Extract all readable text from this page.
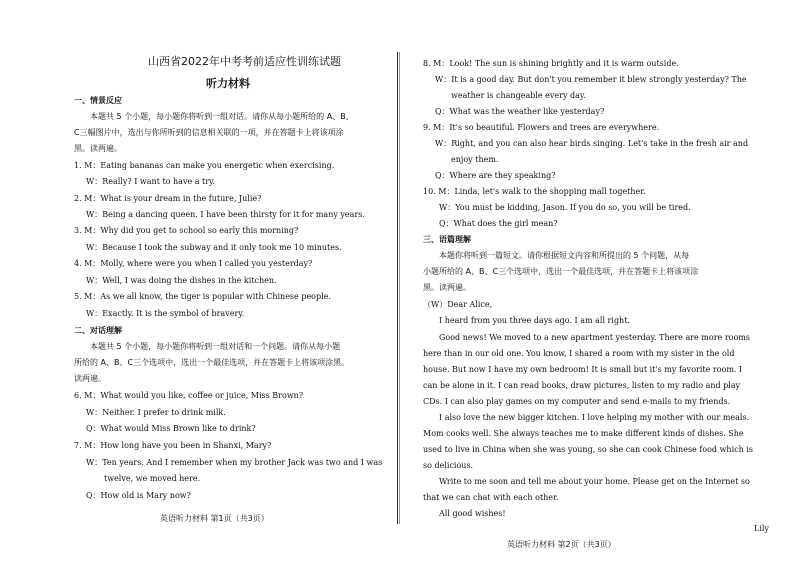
山西省2022年中考考前适应性训练试题
听力材料
一、情景反应
本题共 5 个小题，每小题你将听到一组对话。请你从每小题所给的 A、B、
C三幅图片中，选出与你所听到的信息相关联的一项，并在答题卡上将该项涂
黑。读两遍。
1. M：Eating bananas can make you energetic when exercising.
W：Really? I want to have a try.
2. M：What is your dream in the future, Julie?
W：Being a dancing queen. I have been thirsty for it for many years.
3. M：Why did you get to school so early this morning?
W：Because I took the subway and it only took me 10 minutes.
4. M：Molly, where were you when I called you yesterday?
W：Well, I was doing the dishes in the kitchen.
5. M：As we all know, the tiger is popular with Chinese people.
W：Exactly. It is the symbol of bravery.
二、对话理解
本题共 5 个小题，每小题你将听到一组对话和一个问题。请你从每小题
所给的 A、B、C三个选项中，选出一个最佳选项，并在答题卡上将该项涂黑。
读两遍。
6. M：What would you like, coffee or juice, Miss Brown?
W：Neither. I prefer to drink milk.
Q：What would Miss Brown like to drink?
7. M：How long have you been in Shanxi, Mary?
W：Ten years. And I remember when my brother Jack was two and I was
twelve, we moved here.
Q：How old is Mary now?
英语听力材料 第1页（共3页）
8. M：Look! The sun is shining brightly and it is warm outside.
W：It is a good day. But don't you remember it blew strongly yesterday? The
weather is changeable every day.
Q：What was the weather like yesterday?
9. M：It's so beautiful. Flowers and trees are everywhere.
W：Right, and you can also hear birds singing. Let's take in the fresh air and
enjoy them.
Q：Where are they speaking?
10. M：Linda, let's walk to the shopping mall together.
W：You must be kidding, Jason. If you do so, you will be tired.
Q：What does the girl mean?
三、语篇理解
本题你将听到一篇短文。请你根据短文内容和所提出的 5 个问题，从每
小题所给的 A、B、C三个选项中，选出一个最佳选项，并在答题卡上将该项涂
黑。读两遍。
（W）Dear Alice,
I heard from you three days ago. I am all right.
Good news! We moved to a new apartment yesterday. There are more rooms
here than in our old one. You know, I shared a room with my sister in the old
house. But now I have my own bedroom! It is small but it's my favorite room. I
can be alone in it. I can read books, draw pictures, listen to my radio and play
CDs. I can also play games on my computer and send e-mails to my friends.
I also love the new bigger kitchen. I love helping my mother with our meals.
Mom cooks well. She always teaches me to make different kinds of dishes. She
used to live in China when she was young, so she can cook Chinese food which is
so delicious.
Write to me soon and tell me about your home. Please get on the Internet so
that we can chat with each other.
All good wishes!
Lily
英语听力材料 第2页（共3页）
